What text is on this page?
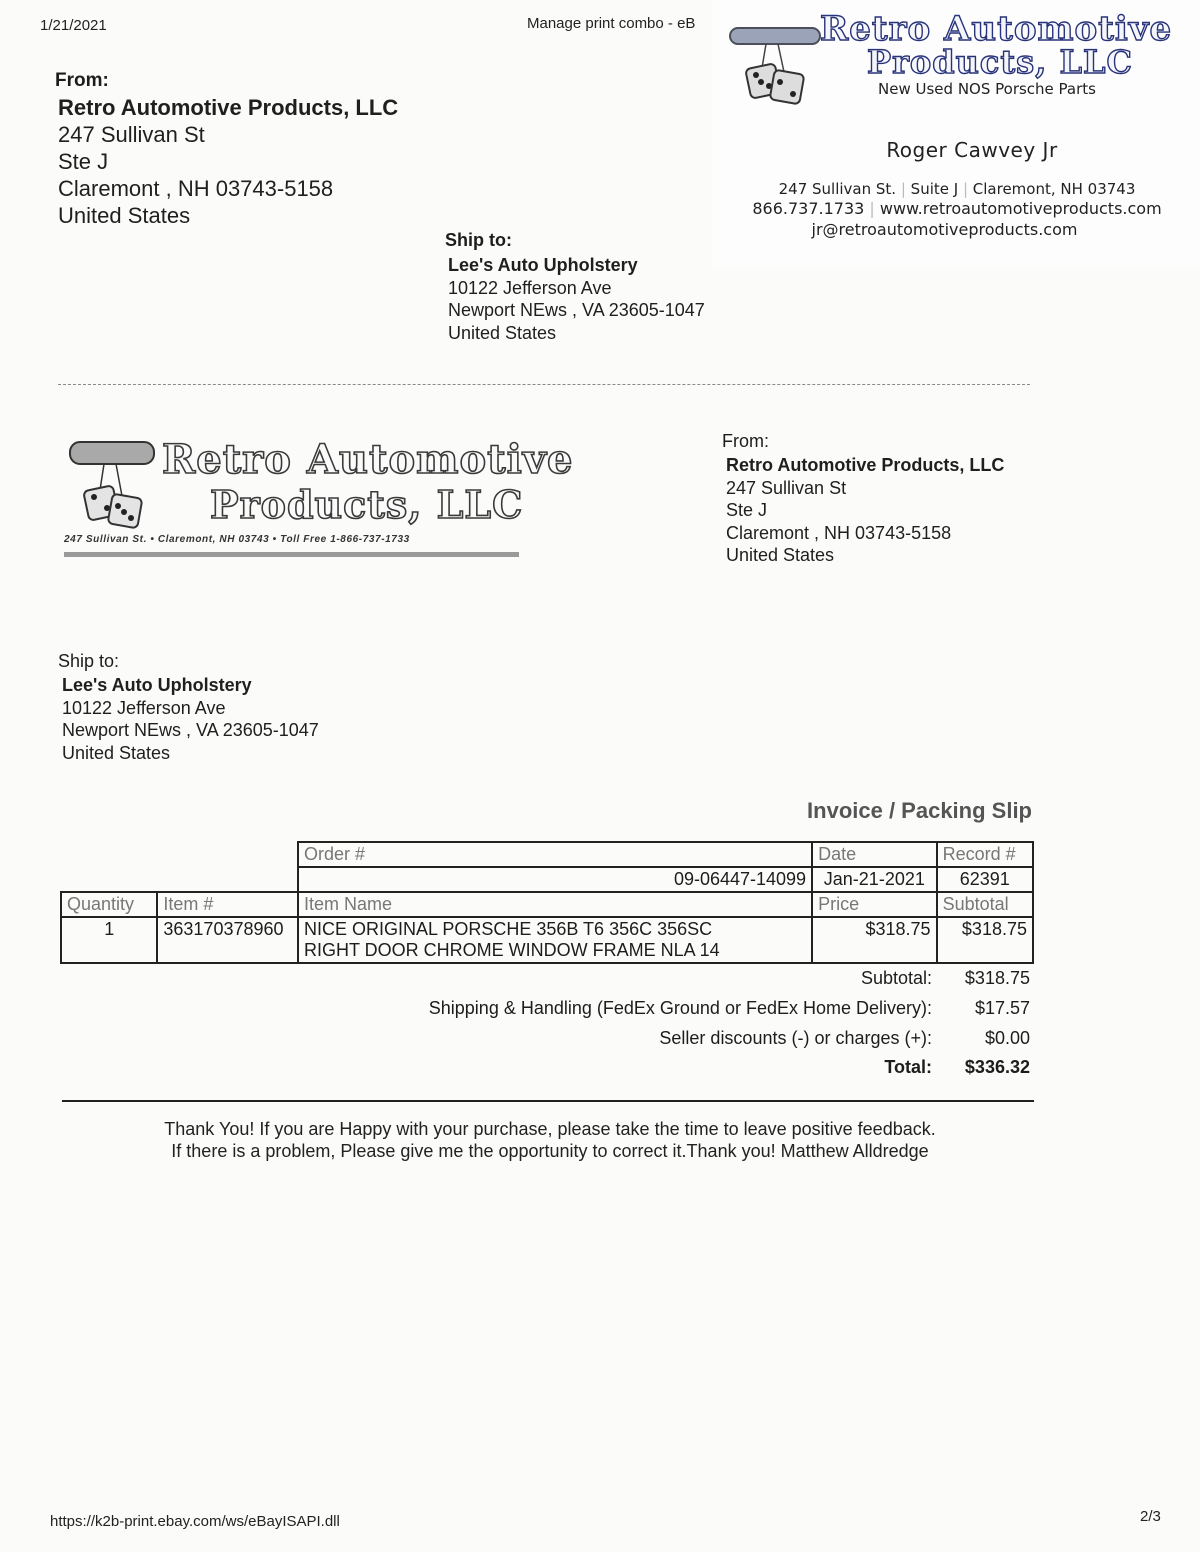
1/21/2021	Manage print combo - eB
From:
Retro Automotive Products, LLC
247 Sullivan St
Ste J
Claremont , NH 03743-5158
United States
Ship to:
Lee's Auto Upholstery
10122 Jefferson Ave
Newport NEws , VA 23605-1047
United States
Retro Automotive
Products, LLC
New Used NOS Porsche Parts
Roger Cawvey Jr
247 Sullivan St. | Suite J | Claremont, NH 03743
866.737.1733 | www.retroautomotiveproducts.com
jr@retroautomotiveproducts.com
Retro Automotive
Products, LLC
247 Sullivan St. • Claremont, NH 03743 • Toll Free 1-866-737-1733
From:
Retro Automotive Products, LLC
247 Sullivan St
Ste J
Claremont , NH 03743-5158
United States
Ship to:
Lee's Auto Upholstery
10122 Jefferson Ave
Newport NEws , VA 23605-1047
United States
Invoice / Packing Slip
		Order #	Date	Record #
		09-06447-14099	Jan-21-2021	62391
Quantity	Item #	Item Name	Price	Subtotal
1	363170378960	NICE ORIGINAL PORSCHE 356B T6 356C 356SC
RIGHT DOOR CHROME WINDOW FRAME NLA 14	$318.75	$318.75
Subtotal:	$318.75
Shipping & Handling (FedEx Ground or FedEx Home Delivery):	$17.57
Seller discounts (-) or charges (+):	$0.00
Total:	$336.32
Thank You! If you are Happy with your purchase, please take the time to leave positive feedback.
If there is a problem, Please give me the opportunity to correct it.Thank you! Matthew Alldredge
https://k2b-print.ebay.com/ws/eBayISAPI.dll	2/3
